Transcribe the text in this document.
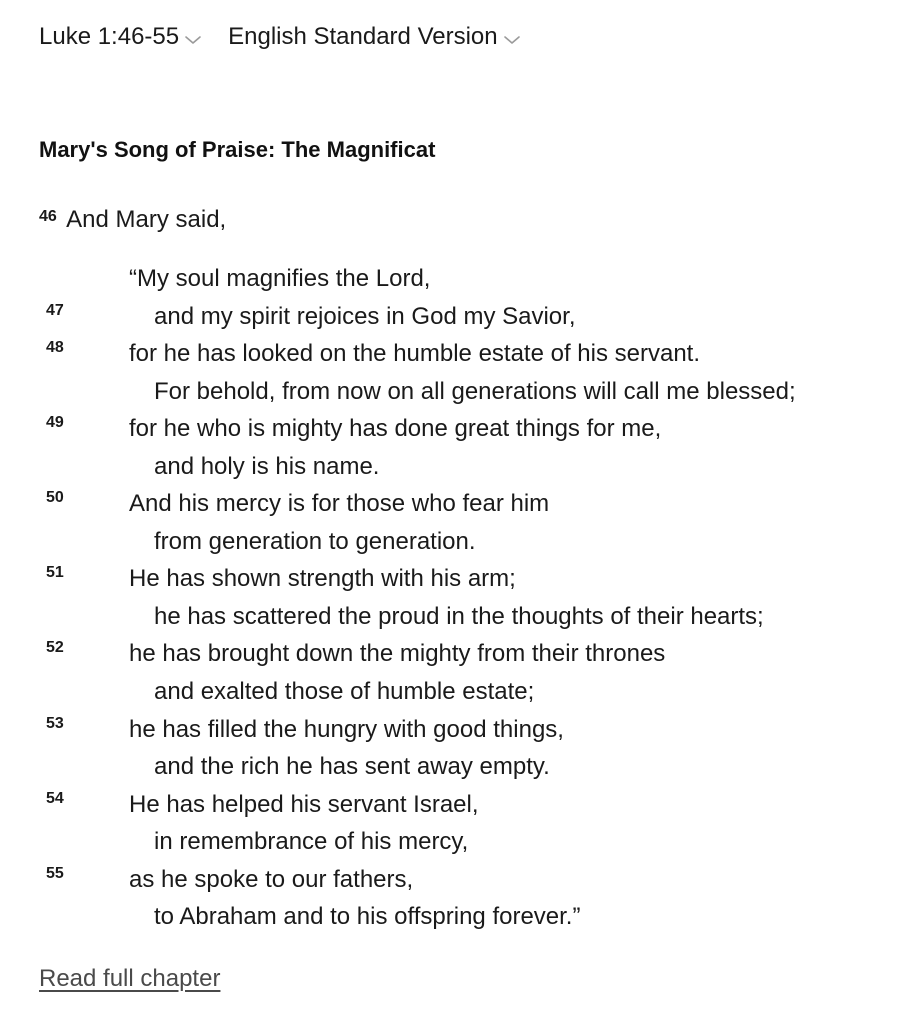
Luke 1:46-55 English Standard Version
Mary's Song of Praise: The Magnificat
$^{46}$ And Mary said,
“My soul magnifies the Lord,
47	and my spirit rejoices in God my Savior,
48	for he has looked on the humble estate of his servant.
For behold, from now on all generations will call me blessed;
49	for he who is mighty has done great things for me,
and holy is his name.
50	And his mercy is for those who fear him
from generation to generation.
51	He has shown strength with his arm;
he has scattered the proud in the thoughts of their hearts;
52	he has brought down the mighty from their thrones
and exalted those of humble estate;
53	he has filled the hungry with good things,
and the rich he has sent away empty.
54	He has helped his servant Israel,
in remembrance of his mercy,
55	as he spoke to our fathers,
to Abraham and to his offspring forever.”
Read full chapter
